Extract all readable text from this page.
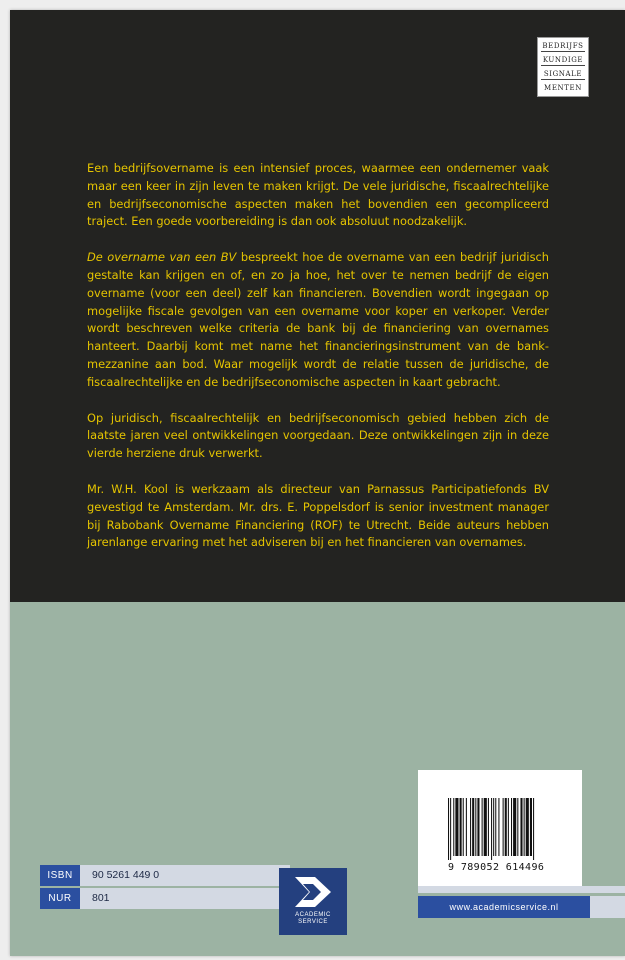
BEDRIJFS
KUNDIGE
SIGNALE
MENTEN

Een bedrijfsovername is een intensief proces, waarmee een ondernemer vaak maar een keer in zijn leven te maken krijgt. De vele juridische, fiscaalrechtelijke en bedrijfseconomische aspecten maken het bovendien een gecompliceerd traject. Een goede voorbereiding is dan ook absoluut noodzakelijk.

De overname van een BV bespreekt hoe de overname van een bedrijf juridisch gestalte kan krijgen en of, en zo ja hoe, het over te nemen bedrijf de eigen overname (voor een deel) zelf kan financieren. Bovendien wordt ingegaan op mogelijke fiscale gevolgen van een overname voor koper en verkoper. Verder wordt beschreven welke criteria de bank bij de financiering van overnames hanteert. Daarbij komt met name het financieringsinstrument van de bank-mezzanine aan bod. Waar mogelijk wordt de relatie tussen de juridische, de fiscaalrechtelijke en de bedrijfseconomische aspecten in kaart gebracht.

Op juridisch, fiscaalrechtelijk en bedrijfseconomisch gebied hebben zich de laatste jaren veel ontwikkelingen voorgedaan. Deze ontwikkelingen zijn in deze vierde herziene druk verwerkt.

Mr. W.H. Kool is werkzaam als directeur van Parnassus Participatiefonds BV gevestigd te Amsterdam. Mr. drs. E. Poppelsdorf is senior investment manager bij Rabobank Overname Financiering (ROF) te Utrecht. Beide auteurs hebben jarenlange ervaring met het adviseren bij en het financieren van overnames.

9 789052 614496
ISBN	90 5261 449 0
NUR	801
www.academicservice.nl
ACADEMIC
SERVICE
